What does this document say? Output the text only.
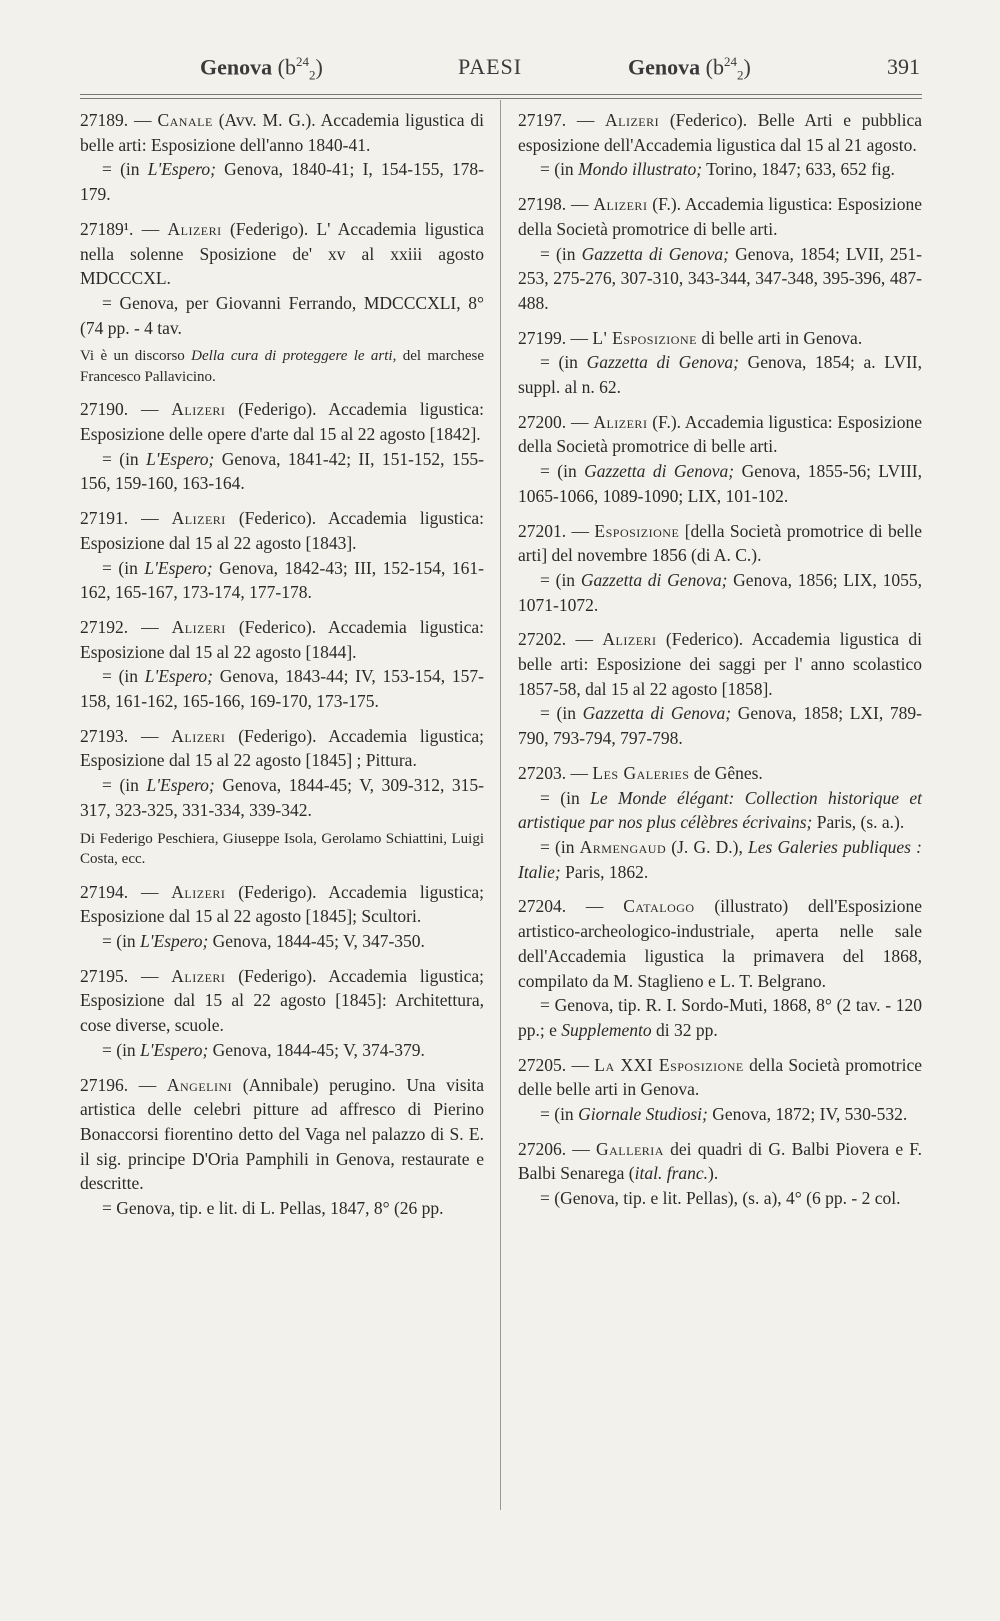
Genova $(b^{24}_2)$	PAESI	Genova $(b^{24}_2)$	391

27189. — Canale (Avv. M. G.). Accademia ligustica di belle arti: Esposizione dell'anno 1840-41.

= (in L'Espero; Genova, 1840-41; I, 154-155, 178-179.

27189¹. — Alizeri (Federigo). L' Accademia ligustica nella solenne Sposizione de' xv al xxiii agosto MDCCCXL.

= Genova, per Giovanni Ferrando, MDCCCXLI, 8° (74 pp. - 4 tav.

Vi è un discorso Della cura di proteggere le arti, del marchese Francesco Pallavicino.

27190. — Alizeri (Federigo). Accademia ligustica: Esposizione delle opere d'arte dal 15 al 22 agosto [1842].

= (in L'Espero; Genova, 1841-42; II, 151-152, 155-156, 159-160, 163-164.

27191. — Alizeri (Federico). Accademia ligustica: Esposizione dal 15 al 22 agosto [1843].

= (in L'Espero; Genova, 1842-43; III, 152-154, 161-162, 165-167, 173-174, 177-178.

27192. — Alizeri (Federico). Accademia ligustica: Esposizione dal 15 al 22 agosto [1844].

= (in L'Espero; Genova, 1843-44; IV, 153-154, 157-158, 161-162, 165-166, 169-170, 173-175.

27193. — Alizeri (Federigo). Accademia ligustica; Esposizione dal 15 al 22 agosto [1845] ; Pittura.

= (in L'Espero; Genova, 1844-45; V, 309-312, 315-317, 323-325, 331-334, 339-342.

Di Federigo Peschiera, Giuseppe Isola, Gerolamo Schiattini, Luigi Costa, ecc.

27194. — Alizeri (Federigo). Accademia ligustica; Esposizione dal 15 al 22 agosto [1845]; Scultori.

= (in L'Espero; Genova, 1844-45; V, 347-350.

27195. — Alizeri (Federigo). Accademia ligustica; Esposizione dal 15 al 22 agosto [1845]: Architettura, cose diverse, scuole.

= (in L'Espero; Genova, 1844-45; V, 374-379.

27196. — Angelini (Annibale) perugino. Una visita artistica delle celebri pitture ad affresco di Pierino Bonaccorsi fiorentino detto del Vaga nel palazzo di S. E. il sig. principe D'Oria Pamphili in Genova, restaurate e descritte.

= Genova, tip. e lit. di L. Pellas, 1847, 8° (26 pp.

27197. — Alizeri (Federico). Belle Arti e pubblica esposizione dell'Accademia ligustica dal 15 al 21 agosto.

= (in Mondo illustrato; Torino, 1847; 633, 652 fig.

27198. — Alizeri (F.). Accademia ligustica: Esposizione della Società promotrice di belle arti.

= (in Gazzetta di Genova; Genova, 1854; LVII, 251-253, 275-276, 307-310, 343-344, 347-348, 395-396, 487-488.

27199. — L' Esposizione di belle arti in Genova.

= (in Gazzetta di Genova; Genova, 1854; a. LVII, suppl. al n. 62.

27200. — Alizeri (F.). Accademia ligustica: Esposizione della Società promotrice di belle arti.

= (in Gazzetta di Genova; Genova, 1855-56; LVIII, 1065-1066, 1089-1090; LIX, 101-102.

27201. — Esposizione [della Società promotrice di belle arti] del novembre 1856 (di A. C.).

= (in Gazzetta di Genova; Genova, 1856; LIX, 1055, 1071-1072.

27202. — Alizeri (Federico). Accademia ligustica di belle arti: Esposizione dei saggi per l' anno scolastico 1857-58, dal 15 al 22 agosto [1858].

= (in Gazzetta di Genova; Genova, 1858; LXI, 789-790, 793-794, 797-798.

27203. — Les Galeries de Gênes.

= (in Le Monde élégant: Collection historique et artistique par nos plus célèbres écrivains; Paris, (s. a.).

= (in Armengaud (J. G. D.), Les Galeries publiques : Italie; Paris, 1862.

27204. — Catalogo (illustrato) dell'Esposizione artistico-archeologico-industriale, aperta nelle sale dell'Accademia ligustica la primavera del 1868, compilato da M. Staglieno e L. T. Belgrano.

= Genova, tip. R. I. Sordo-Muti, 1868, 8° (2 tav. - 120 pp.; e Supplemento di 32 pp.

27205. — La XXI Esposizione della Società promotrice delle belle arti in Genova.

= (in Giornale Studiosi; Genova, 1872; IV, 530-532.

27206. — Galleria dei quadri di G. Balbi Piovera e F. Balbi Senarega (ital. franc.).

= (Genova, tip. e lit. Pellas), (s. a), 4° (6 pp. - 2 col.
